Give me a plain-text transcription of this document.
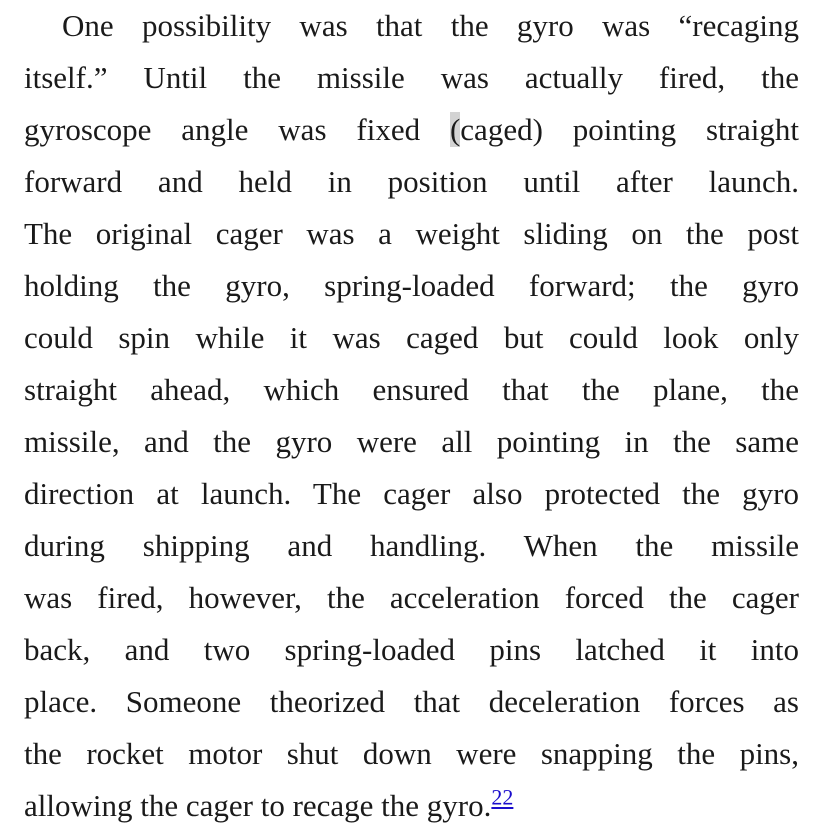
One possibility was that the gyro was “recaging
itself.” Until the missile was actually fired, the
gyroscope angle was fixed (caged) pointing straight
forward and held in position until after launch.
The original cager was a weight sliding on the post
holding the gyro, spring-loaded forward; the gyro
could spin while it was caged but could look only
straight ahead, which ensured that the plane, the
missile, and the gyro were all pointing in the same
direction at launch. The cager also protected the gyro
during shipping and handling. When the missile
was fired, however, the acceleration forced the cager
back, and two spring-loaded pins latched it into
place. Someone theorized that deceleration forces as
the rocket motor shut down were snapping the pins,
allowing the cager to recage the gyro.$^{22}$
